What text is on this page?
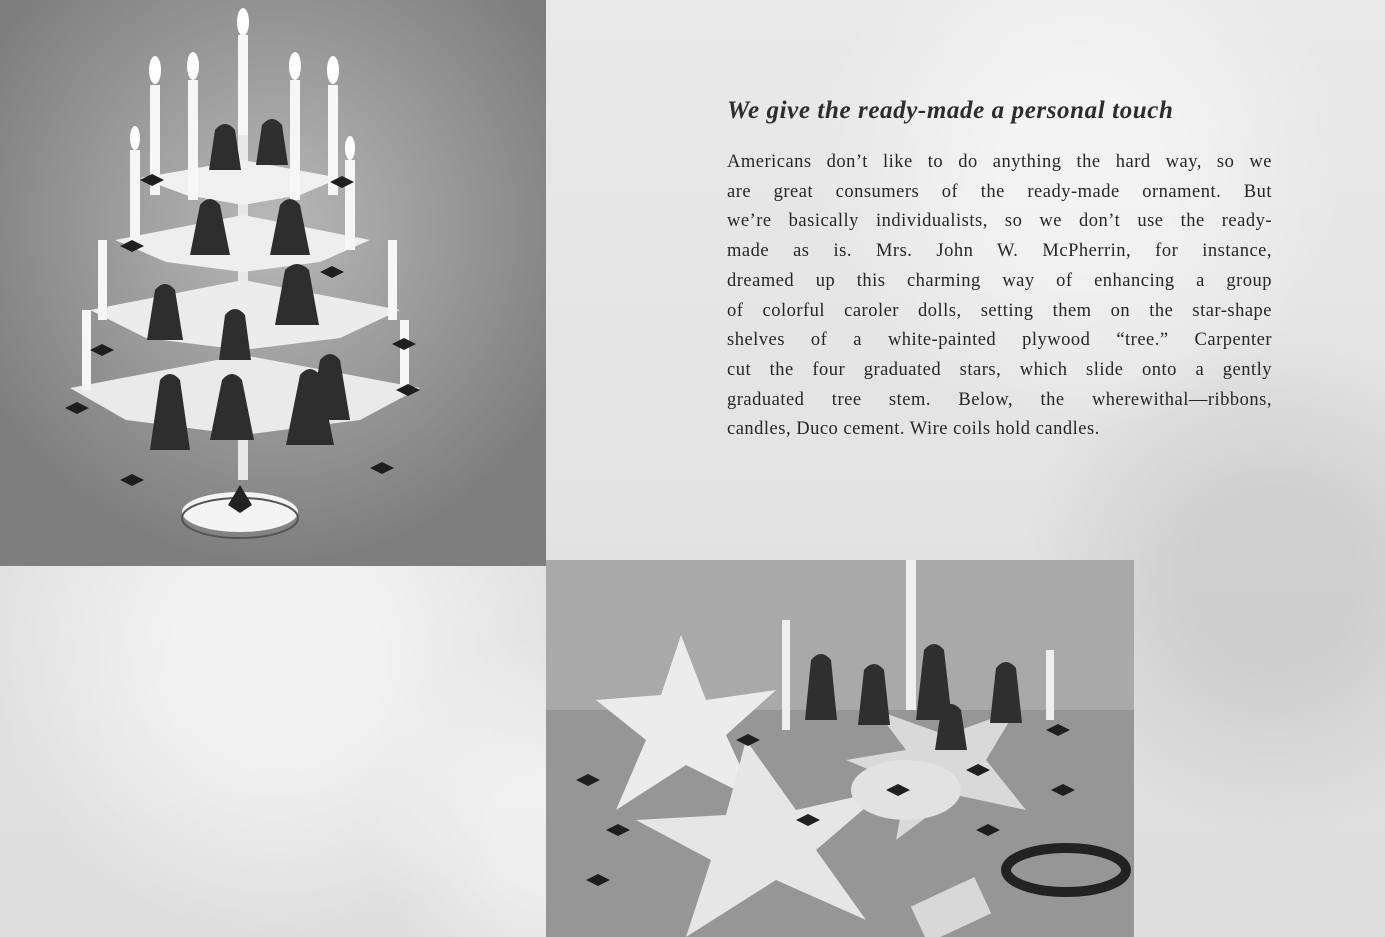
We give the ready-made a personal touch
Americans don’t like to do anything the hard way, so we
are great consumers of the ready-made ornament. But
we’re basically individualists, so we don’t use the ready-
made as is. Mrs. John W. McPherrin, for instance,
dreamed up this charming way of enhancing a group
of colorful caroler dolls, setting them on the star-shape
shelves of a white-painted plywood “tree.” Carpenter
cut the four graduated stars, which slide onto a gently
graduated tree stem. Below, the wherewithal—ribbons,
candles, Duco cement. Wire coils hold candles.
